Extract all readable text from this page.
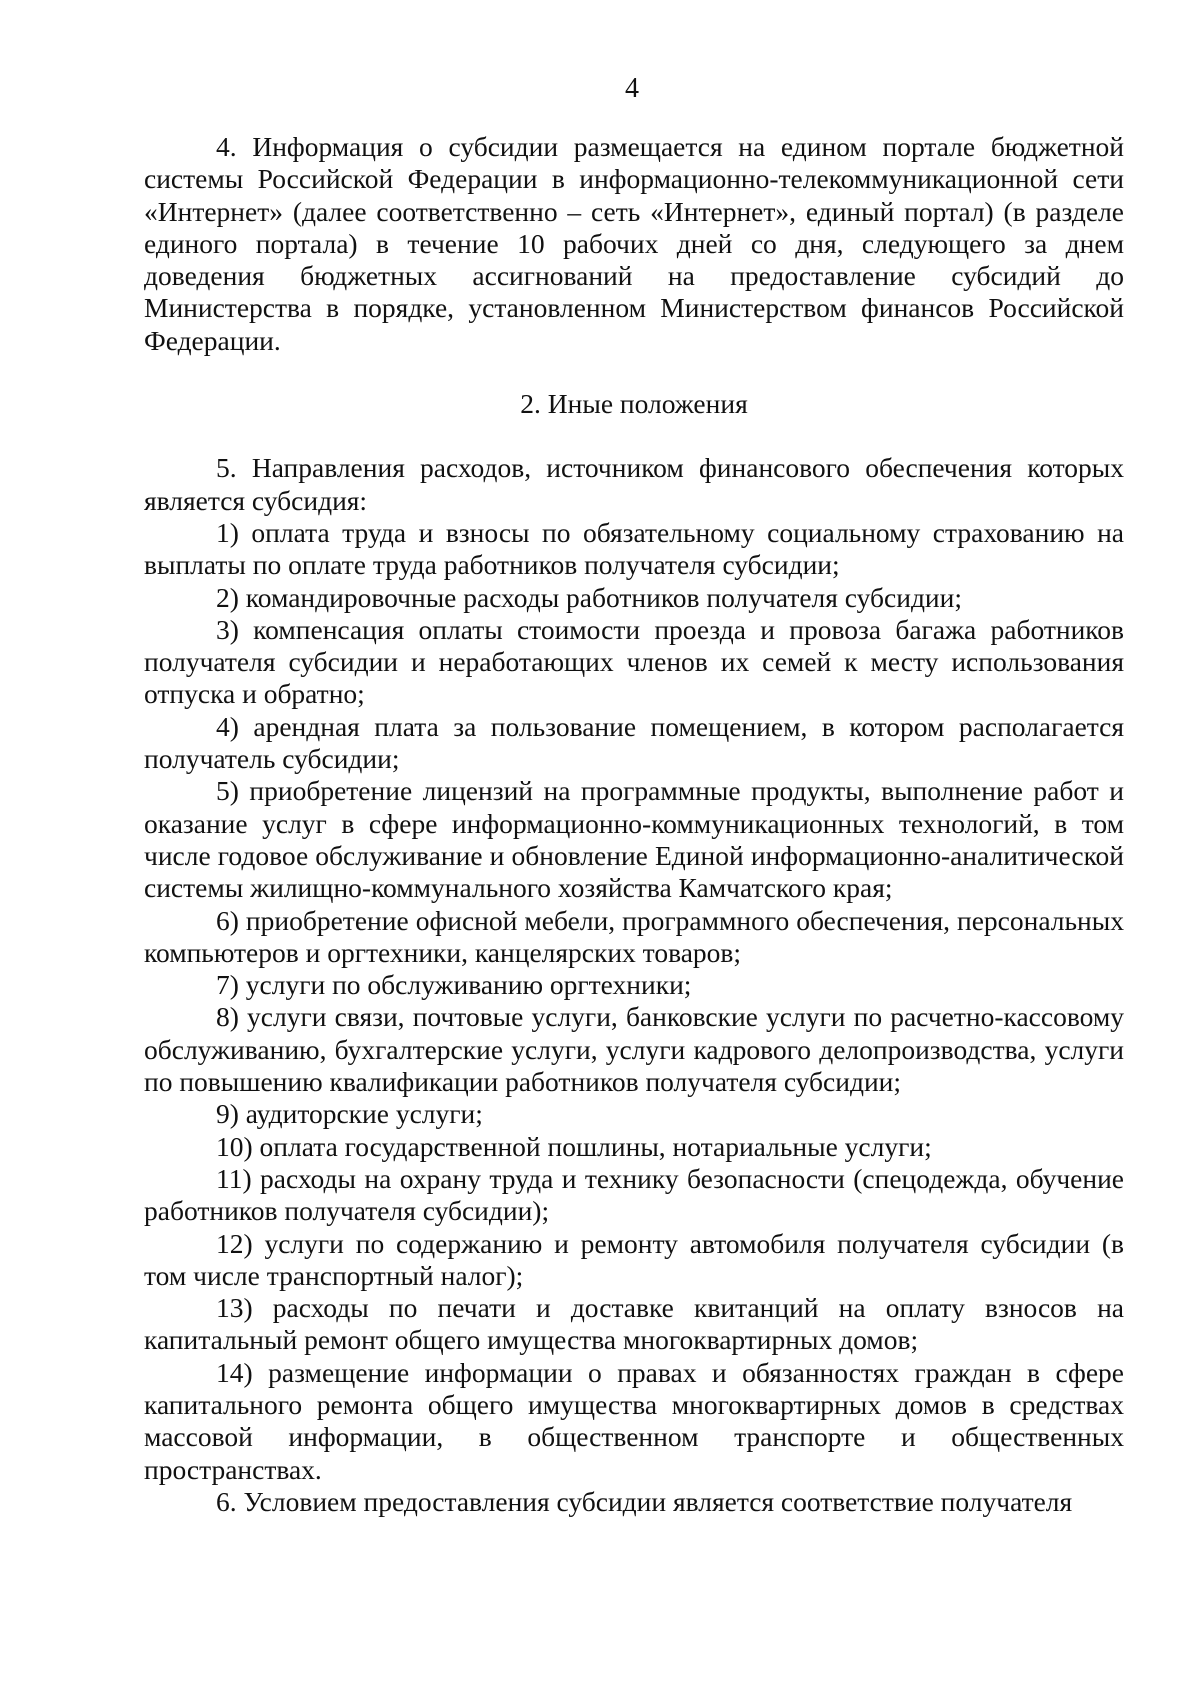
4

4. Информация о субсидии размещается на едином портале бюджетной системы Российской Федерации в информационно-телекоммуникационной сети «Интернет» (далее соответственно – сеть «Интернет», единый портал) (в разделе единого портала) в течение 10 рабочих дней со дня, следующего за днем доведения бюджетных ассигнований на предоставление субсидий до Министерства в порядке, установленном Министерством финансов Российской Федерации.

2. Иные положения

5. Направления расходов, источником финансового обеспечения которых является субсидия:

1) оплата труда и взносы по обязательному социальному страхованию на выплаты по оплате труда работников получателя субсидии;

2) командировочные расходы работников получателя субсидии;

3) компенсация оплаты стоимости проезда и провоза багажа работников получателя субсидии и неработающих членов их семей к месту использования отпуска и обратно;

4) арендная плата за пользование помещением, в котором располагается получатель субсидии;

5) приобретение лицензий на программные продукты, выполнение работ и оказание услуг в сфере информационно-коммуникационных технологий, в том числе годовое обслуживание и обновление Единой информационно-аналитической системы жилищно-коммунального хозяйства Камчатского края;

6) приобретение офисной мебели, программного обеспечения, персональных компьютеров и оргтехники, канцелярских товаров;

7) услуги по обслуживанию оргтехники;

8) услуги связи, почтовые услуги, банковские услуги по расчетно-кассовому обслуживанию, бухгалтерские услуги, услуги кадрового делопроизводства, услуги по повышению квалификации работников получателя субсидии;

9) аудиторские услуги;

10) оплата государственной пошлины, нотариальные услуги;

11) расходы на охрану труда и технику безопасности (спецодежда, обучение работников получателя субсидии);

12) услуги по содержанию и ремонту автомобиля получателя субсидии (в том числе транспортный налог);

13) расходы по печати и доставке квитанций на оплату взносов на капитальный ремонт общего имущества многоквартирных домов;

14) размещение информации о правах и обязанностях граждан в сфере капитального ремонта общего имущества многоквартирных домов в средствах массовой информации, в общественном транспорте и общественных пространствах.

6. Условием предоставления субсидии является соответствие получателя
